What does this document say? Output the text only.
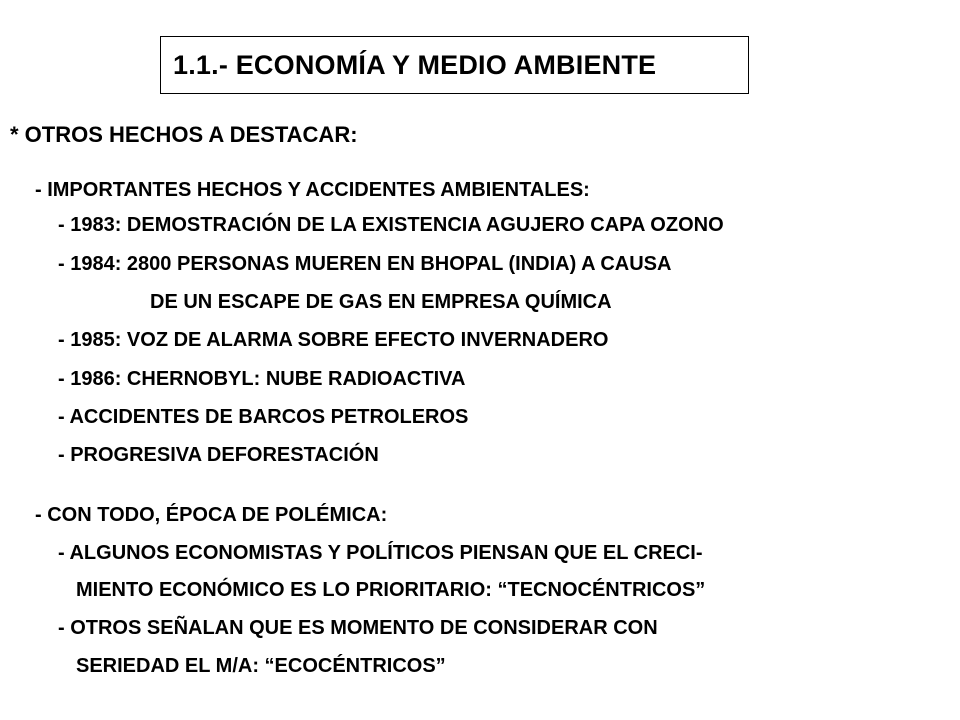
1.1.- ECONOMÍA Y MEDIO AMBIENTE
* OTROS HECHOS A DESTACAR:
- IMPORTANTES HECHOS Y ACCIDENTES AMBIENTALES:
- 1983: DEMOSTRACIÓN DE LA EXISTENCIA AGUJERO CAPA OZONO
- 1984: 2800 PERSONAS MUEREN EN BHOPAL (INDIA) A CAUSA
DE UN ESCAPE DE GAS EN EMPRESA QUÍMICA
- 1985: VOZ DE ALARMA SOBRE EFECTO INVERNADERO
- 1986: CHERNOBYL: NUBE RADIOACTIVA
- ACCIDENTES DE BARCOS PETROLEROS
- PROGRESIVA DEFORESTACIÓN
- CON TODO, ÉPOCA DE POLÉMICA:
- ALGUNOS ECONOMISTAS Y POLÍTICOS PIENSAN QUE EL CRECI-
MIENTO ECONÓMICO ES LO PRIORITARIO: “TECNOCÉNTRICOS”
- OTROS SEÑALAN QUE ES MOMENTO DE CONSIDERAR CON
SERIEDAD EL M/A: “ECOCÉNTRICOS”
